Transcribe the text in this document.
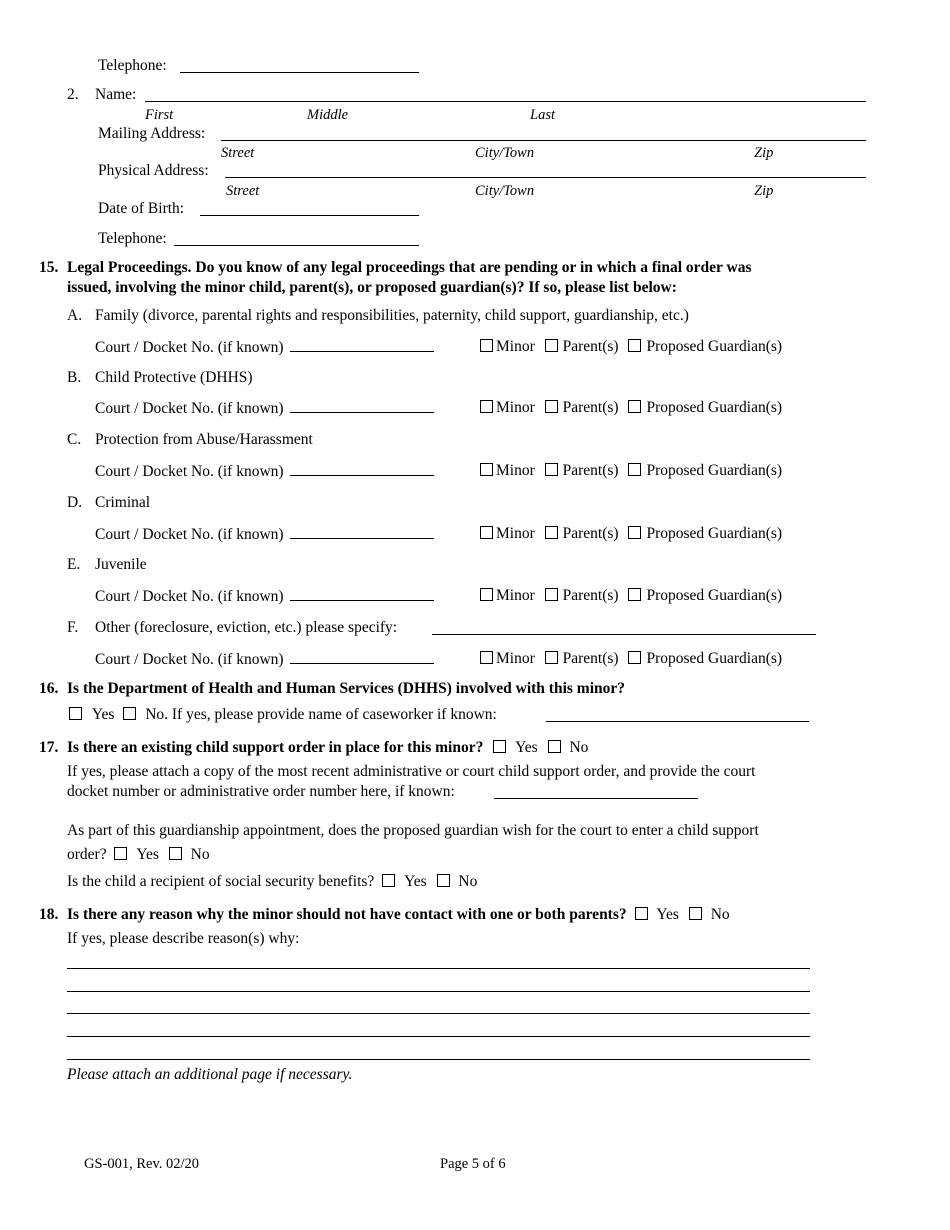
Telephone:
2. Name:
First	Middle	Last
Mailing Address:
Street	City/Town	Zip
Physical Address:
Street	City/Town	Zip
Date of Birth:
Telephone:
15. Legal Proceedings. Do you know of any legal proceedings that are pending or in which a final order was
issued, involving the minor child, parent(s), or proposed guardian(s)? If so, please list below:
A. Family (divorce, parental rights and responsibilities, paternity, child support, guardianship, etc.)
Court / Docket No. (if known)	Minor Parent(s) Proposed Guardian(s)
B. Child Protective (DHHS)
Court / Docket No. (if known)	Minor Parent(s) Proposed Guardian(s)
C. Protection from Abuse/Harassment
Court / Docket No. (if known)	Minor Parent(s) Proposed Guardian(s)
D. Criminal
Court / Docket No. (if known)	Minor Parent(s) Proposed Guardian(s)
E. Juvenile
Court / Docket No. (if known)	Minor Parent(s) Proposed Guardian(s)
F. Other (foreclosure, eviction, etc.) please specify:
Court / Docket No. (if known)	Minor Parent(s) Proposed Guardian(s)
16. Is the Department of Health and Human Services (DHHS) involved with this minor?
Yes No. If yes, please provide name of caseworker if known:
17. Is there an existing child support order in place for this minor? Yes No
If yes, please attach a copy of the most recent administrative or court child support order, and provide the court
docket number or administrative order number here, if known:
As part of this guardianship appointment, does the proposed guardian wish for the court to enter a child support
order? Yes No
Is the child a recipient of social security benefits? Yes No
18. Is there any reason why the minor should not have contact with one or both parents? Yes No
If yes, please describe reason(s) why:
Please attach an additional page if necessary.
GS-001, Rev. 02/20	Page 5 of 6
